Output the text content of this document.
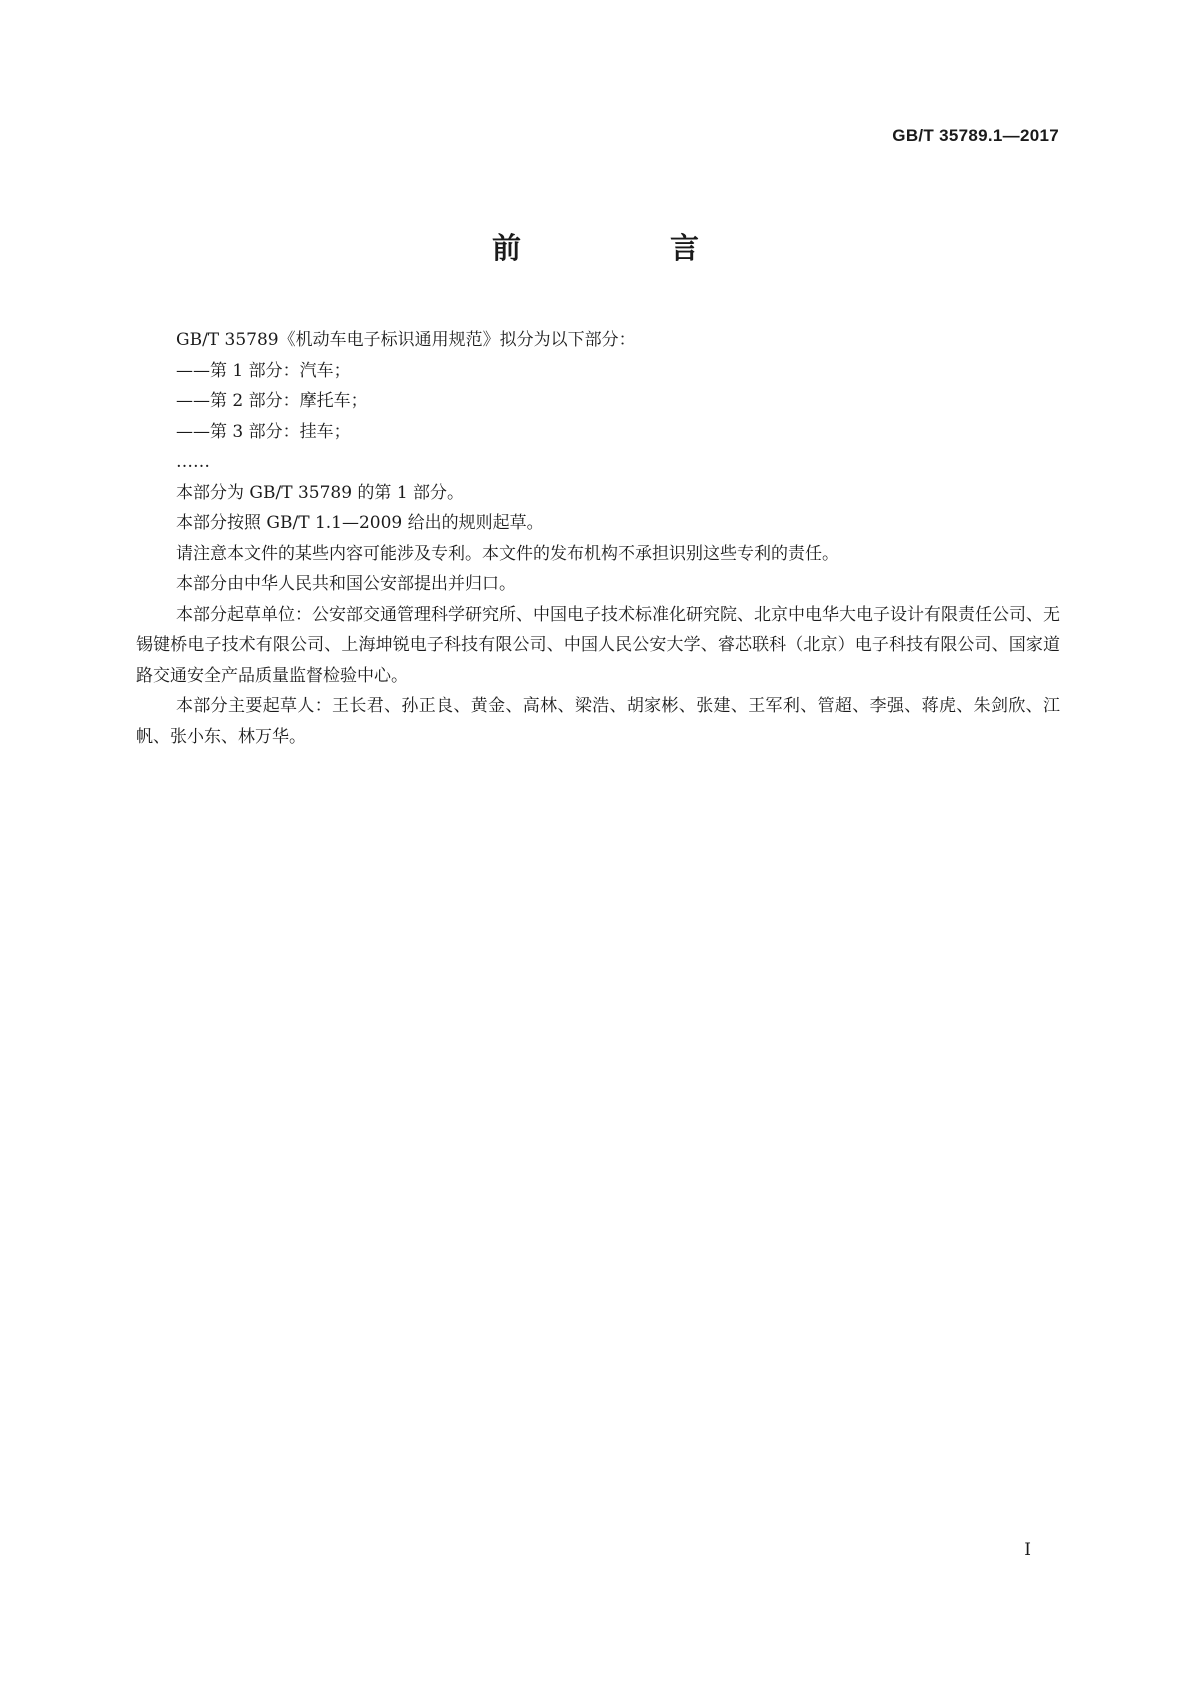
GB/T 35789.1—2017
前　言

GB/T 35789《机动车电子标识通用规范》拟分为以下部分：

——第 1 部分：汽车；

——第 2 部分：摩托车；

——第 3 部分：挂车；

……

本部分为 GB/T 35789 的第 1 部分。

本部分按照 GB/T 1.1—2009 给出的规则起草。

请注意本文件的某些内容可能涉及专利。本文件的发布机构不承担识别这些专利的责任。

本部分由中华人民共和国公安部提出并归口。

本部分起草单位：公安部交通管理科学研究所、中国电子技术标准化研究院、北京中电华大电子设计有限责任公司、无锡键桥电子技术有限公司、上海坤锐电子科技有限公司、中国人民公安大学、睿芯联科（北京）电子科技有限公司、国家道路交通安全产品质量监督检验中心。

本部分主要起草人：王长君、孙正良、黄金、高林、梁浩、胡家彬、张建、王军利、管超、李强、蒋虎、朱剑欣、江帆、张小东、林万华。

I
